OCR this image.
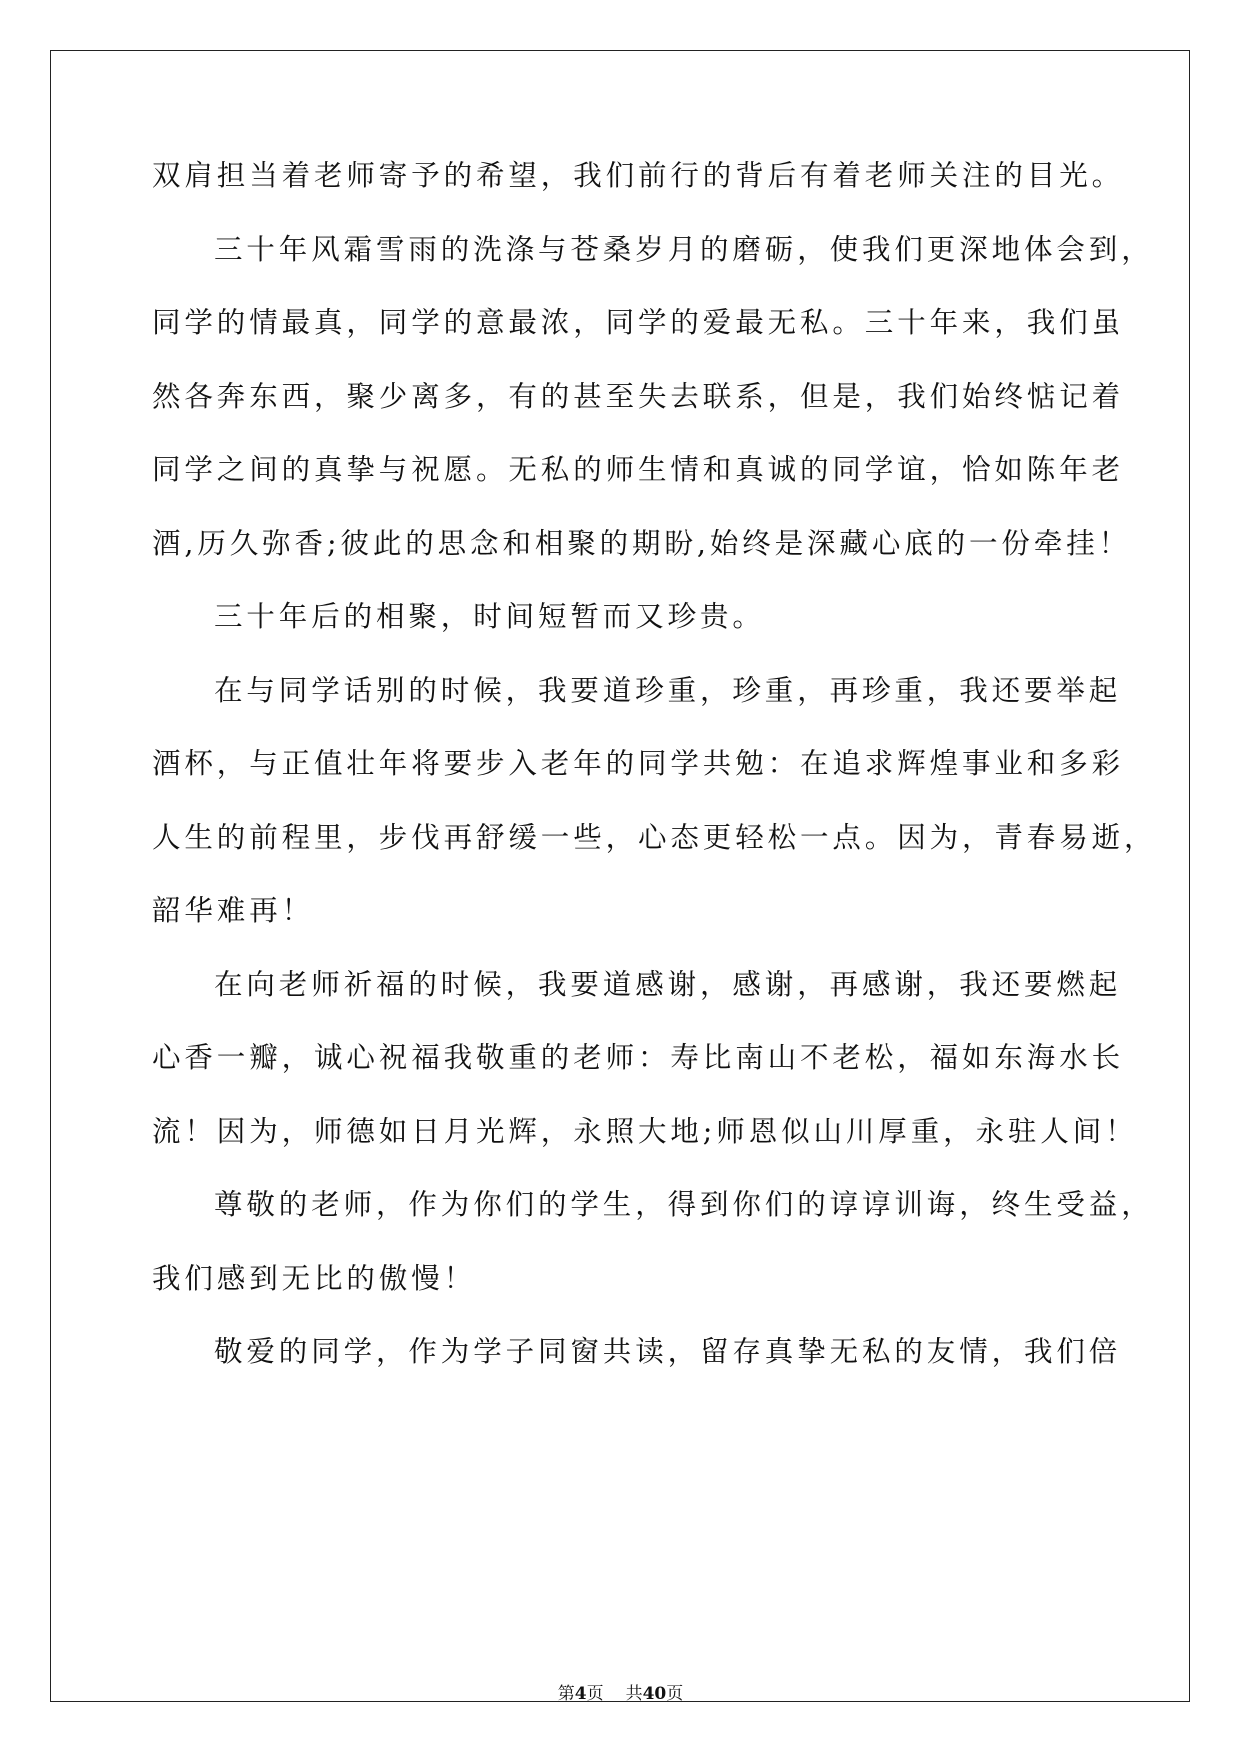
双肩担当着老师寄予的希望，我们前行的背后有着老师关注的目光。
三十年风霜雪雨的洗涤与苍桑岁月的磨砺，使我们更深地体会到，
同学的情最真，同学的意最浓，同学的爱最无私。三十年来，我们虽
然各奔东西，聚少离多，有的甚至失去联系，但是，我们始终惦记着
同学之间的真挚与祝愿。无私的师生情和真诚的同学谊，恰如陈年老
酒,历久弥香;彼此的思念和相聚的期盼,始终是深藏心底的一份牵挂！
三十年后的相聚，时间短暂而又珍贵。
在与同学话别的时候，我要道珍重，珍重，再珍重，我还要举起
酒杯，与正值壮年将要步入老年的同学共勉：在追求辉煌事业和多彩
人生的前程里，步伐再舒缓一些，心态更轻松一点。因为，青春易逝，
韶华难再！
在向老师祈福的时候，我要道感谢，感谢，再感谢，我还要燃起
心香一瓣，诚心祝福我敬重的老师：寿比南山不老松，福如东海水长
流！因为，师德如日月光辉，永照大地;师恩似山川厚重，永驻人间！
尊敬的老师，作为你们的学生，得到你们的谆谆训诲，终生受益，
我们感到无比的傲慢！
敬爱的同学，作为学子同窗共读，留存真挚无私的友情，我们倍
第4页 共40页
